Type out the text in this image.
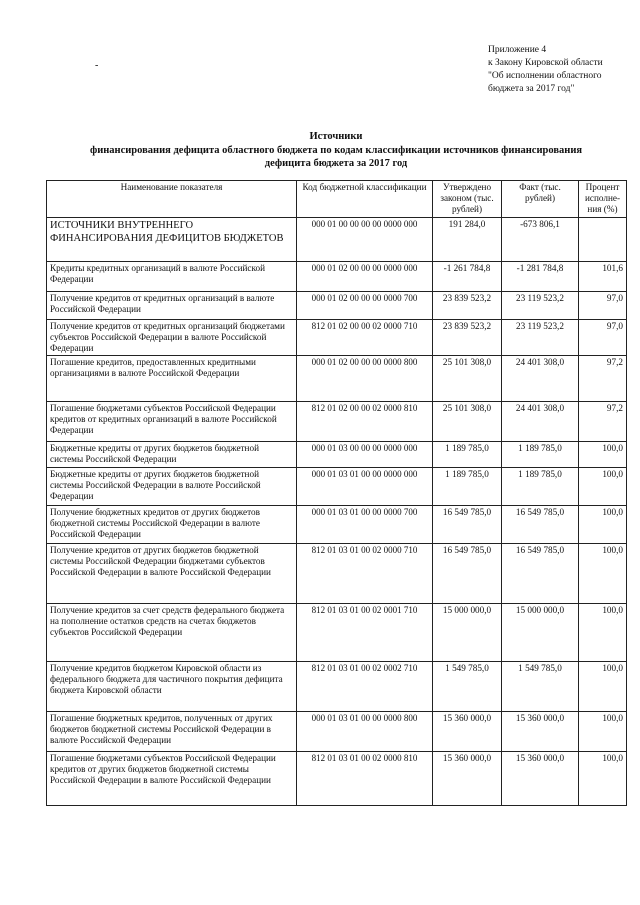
-
Приложение 4
к Закону Кировской области
"Об исполнении областного
бюджета за 2017 год"
Источники
финансирования дефицита областного бюджета по кодам классификации источников финансирования
дефицита бюджета за 2017 год
Наименование показателя	Код бюджетной классификации	Утверждено законом (тыс. рублей)	Факт (тыс. рублей)	Процент исполне-ния (%)
ИСТОЧНИКИ ВНУТРЕННЕГО ФИНАНСИРОВАНИЯ ДЕФИЦИТОВ БЮДЖЕТОВ	000 01 00 00 00 00 0000 000	191 284,0	-673 806,1	
Кредиты кредитных организаций в валюте Российской Федерации	000 01 02 00 00 00 0000 000	-1 261 784,8	-1 281 784,8	101,6
Получение кредитов от кредитных организаций в валюте Российской Федерации	000 01 02 00 00 00 0000 700	23 839 523,2	23 119 523,2	97,0
Получение кредитов от кредитных организаций бюджетами субъектов Российской Федерации в валюте Российской Федерации	812 01 02 00 00 02 0000 710	23 839 523,2	23 119 523,2	97,0
Погашение кредитов, предоставленных кредитными организациями в валюте Российской Федерации	000 01 02 00 00 00 0000 800	25 101 308,0	24 401 308,0	97,2
Погашение бюджетами субъектов Российской Федерации кредитов от кредитных организаций в валюте Российской Федерации	812 01 02 00 00 02 0000 810	25 101 308,0	24 401 308,0	97,2
Бюджетные кредиты от других бюджетов бюджетной системы Российской Федерации	000 01 03 00 00 00 0000 000	1 189 785,0	1 189 785,0	100,0
Бюджетные кредиты от других бюджетов бюджетной системы Российской Федерации в валюте Российской Федерации	000 01 03 01 00 00 0000 000	1 189 785,0	1 189 785,0	100,0
Получение бюджетных кредитов от других бюджетов бюджетной системы Российской Федерации в валюте Российской Федерации	000 01 03 01 00 00 0000 700	16 549 785,0	16 549 785,0	100,0
Получение кредитов от других бюджетов бюджетной системы Российской Федерации бюджетами субъектов Российской Федерации в валюте Российской Федерации	812 01 03 01 00 02 0000 710	16 549 785,0	16 549 785,0	100,0
Получение кредитов за счет средств федерального бюджета на пополнение остатков средств на счетах бюджетов субъектов Российской Федерации	812 01 03 01 00 02 0001 710	15 000 000,0	15 000 000,0	100,0
Получение кредитов бюджетом Кировской области из федерального бюджета для частичного покрытия дефицита бюджета Кировской области	812 01 03 01 00 02 0002 710	1 549 785,0	1 549 785,0	100,0
Погашение бюджетных кредитов, полученных от других бюджетов бюджетной системы Российской Федерации в валюте Российской Федерации	000 01 03 01 00 00 0000 800	15 360 000,0	15 360 000,0	100,0
Погашение бюджетами субъектов Российской Федерации кредитов от других бюджетов бюджетной системы Российской Федерации в валюте Российской Федерации	812 01 03 01 00 02 0000 810	15 360 000,0	15 360 000,0	100,0
